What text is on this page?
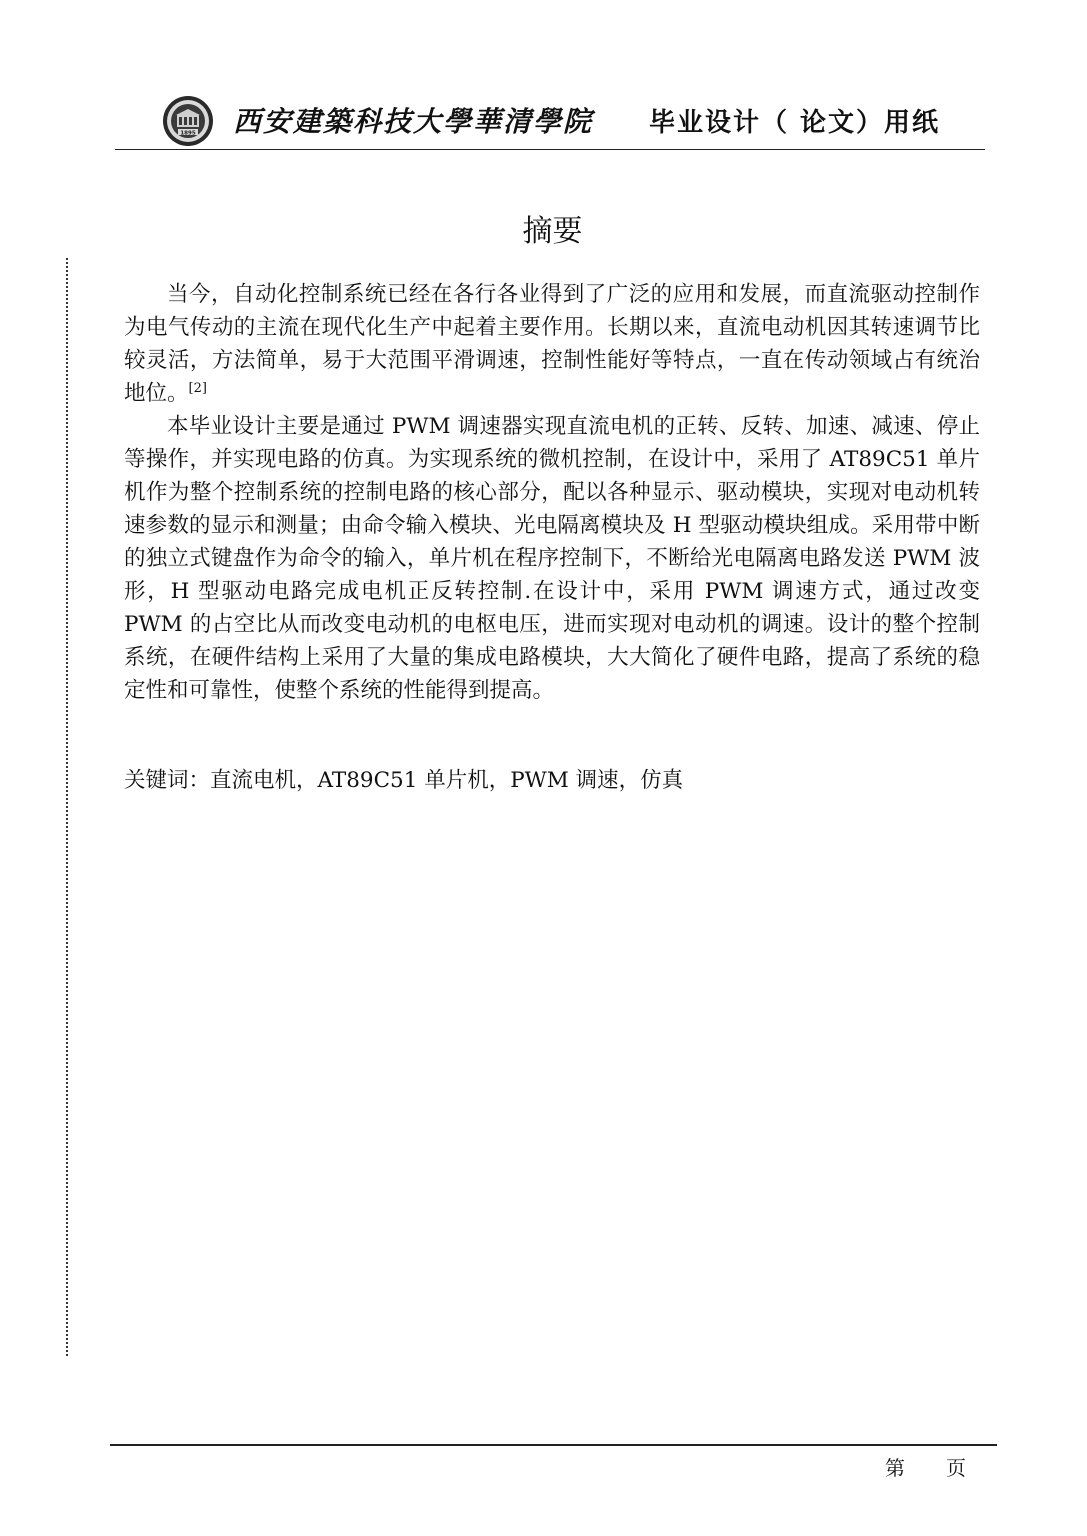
1895 西安建築科技大學華清學院 毕业设计（ 论文）用纸
摘要

当今，自动化控制系统已经在各行各业得到了广泛的应用和发展，而直流驱动控制作为电气传动的主流在现代化生产中起着主要作用。长期以来，直流电动机因其转速调节比较灵活，方法简单，易于大范围平滑调速，控制性能好等特点，一直在传动领域占有统治地位。[2]

本毕业设计主要是通过 PWM 调速器实现直流电机的正转、反转、加速、减速、停止等操作，并实现电路的仿真。为实现系统的微机控制，在设计中，采用了 AT89C51 单片机作为整个控制系统的控制电路的核心部分，配以各种显示、驱动模块，实现对电动机转速参数的显示和测量；由命令输入模块、光电隔离模块及 H 型驱动模块组成。采用带中断的独立式键盘作为命令的输入，单片机在程序控制下，不断给光电隔离电路发送 PWM 波形，H 型驱动电路完成电机正反转控制.在设计中，采用 PWM 调速方式，通过改变 PWM 的占空比从而改变电动机的电枢电压，进而实现对电动机的调速。设计的整个控制系统，在硬件结构上采用了大量的集成电路模块，大大简化了硬件电路，提高了系统的稳定性和可靠性，使整个系统的性能得到提高。

关键词：直流电机，AT89C51 单片机，PWM 调速，仿真
第 页
